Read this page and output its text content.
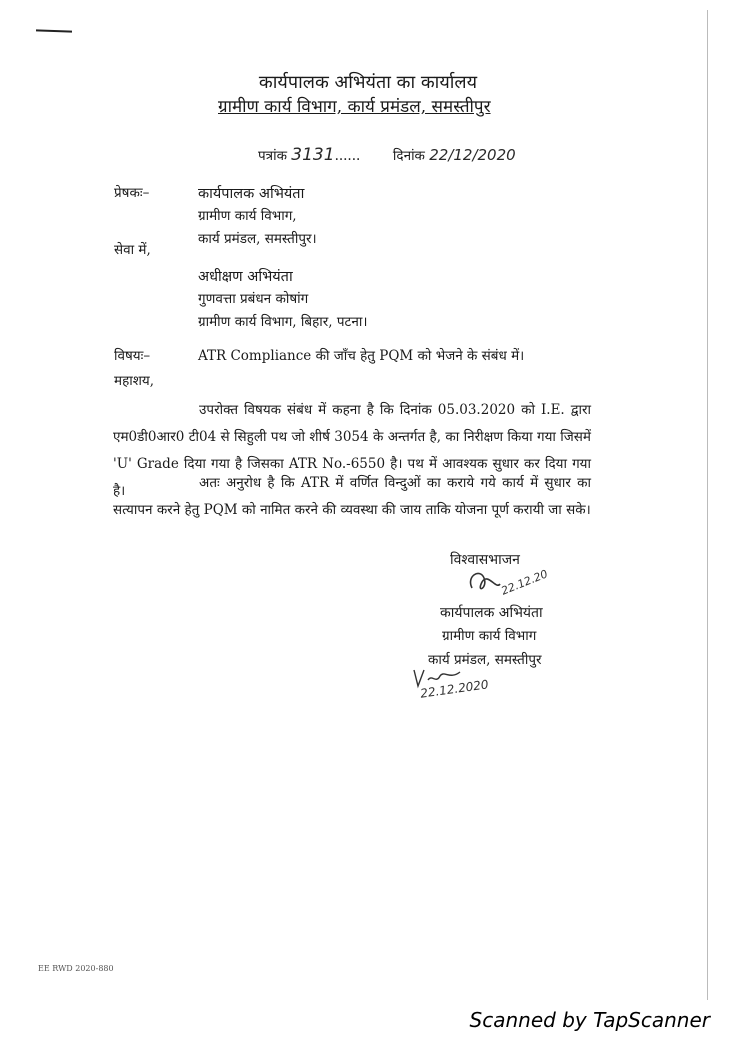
कार्यपालक अभियंता का कार्यालय
ग्रामीण कार्य विभाग, कार्य प्रमंडल, समस्तीपुर
पत्रांक 3131...... दिनांक 22/12/2020
प्रेषकः–	कार्यपालक अभियंता
ग्रामीण कार्य विभाग,
कार्य प्रमंडल, समस्तीपुर।
सेवा में,
अधीक्षण अभियंता
गुणवत्ता प्रबंधन कोषांग
ग्रामीण कार्य विभाग, बिहार, पटना।
विषयः–	ATR Compliance की जाँच हेतु PQM को भेजने के संबंध में।
महाशय,
उपरोक्त विषयक संबंध में कहना है कि दिनांक 05.03.2020 को I.E. द्वारा एम0डी0आर0 टी04 से सिहुली पथ जो शीर्ष 3054 के अन्तर्गत है, का निरीक्षण किया गया जिसमें 'U' Grade दिया गया है जिसका ATR No.-6550 है। पथ में आवश्यक सुधार कर दिया गया है।	अतः अनुरोध है कि ATR में वर्णित विन्दुओं का कराये गये कार्य में सुधार का सत्यापन करने हेतु PQM को नामित करने की व्यवस्था की जाय ताकि योजना पूर्ण करायी जा सके।
विश्वासभाजन
22.12.20
कार्यपालक अभियंता
ग्रामीण कार्य विभाग
कार्य प्रमंडल, समस्तीपुर
22.12.2020
EE RWD 2020-880
Scanned by TapScanner
